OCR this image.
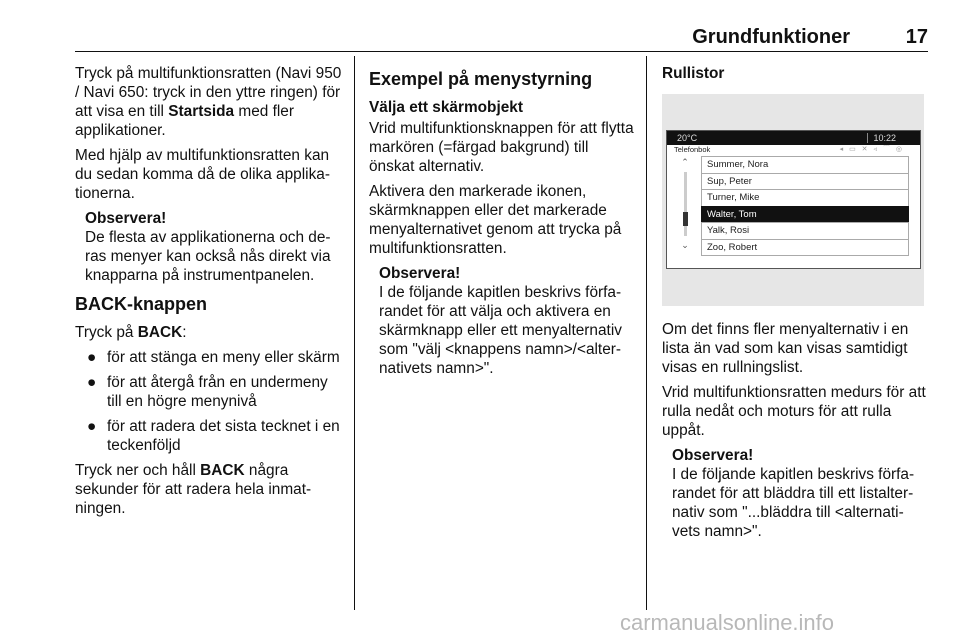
Grundfunktioner	17

Tryck på multifunktionsratten (Navi 950 / Navi 650: tryck in den yttre ringen) för att visa en till Startsida med fler applikationer.

Med hjälp av multifunktionsratten kan du sedan komma då de olika applika- tionerna.

Observera!
De flesta av applikationerna och de- ras menyer kan också nås direkt via knapparna på instrumentpanelen.
BACK-knappen

Tryck på BACK:

● för att stänga en meny eller skärm
● för att återgå från en undermeny till en högre menynivå
● för att radera det sista tecknet i en teckenföljd

Tryck ner och håll BACK några sekunder för att radera hela inmat- ningen.

Exempel på menystyrning
Välja ett skärmobjekt

Vrid multifunktionsknappen för att flytta markören (=färgad bakgrund) till önskat alternativ.

Aktivera den markerade ikonen, skärmknappen eller det markerade menyalternativet genom att trycka på multifunktionsratten.

Observera!
I de följande kapitlen beskrivs förfa- randet för att välja och aktivera en skärmknapp eller ett menyalternativ som "välj <knappens namn>/<alter- nativets namn>".
Rullistor
20°C	10:22
Telefonbok	◂ ▭ ✕ ◃ ⌒ ◎
⌃
⌄
Summer, Nora
Sup, Peter
Turner, Mike
Walter, Tom
Yalk, Rosi
Zoo, Robert

Om det finns fler menyalternativ i en lista än vad som kan visas samtidigt visas en rullningslist.

Vrid multifunktionsratten medurs för att rulla nedåt och moturs för att rulla uppåt.

Observera!
I de följande kapitlen beskrivs förfa- randet för att bläddra till ett listalter- nativ som "...bläddra till <alternati- vets namn>".
carmanualsonline.info
